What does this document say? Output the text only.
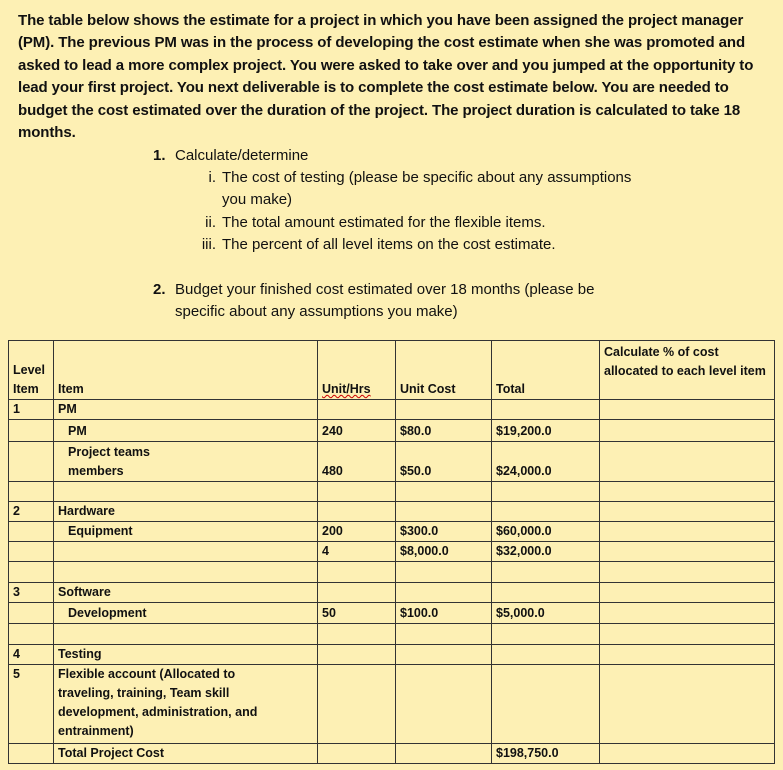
The table below shows the estimate for a project in which you have been assigned the project manager (PM). The previous PM was in the process of developing the cost estimate when she was promoted and asked to lead a more complex project. You were asked to take over and you jumped at the opportunity to lead your first project. You next deliverable is to complete the cost estimate below. You are needed to budget the cost estimated over the duration of the project. The project duration is calculated to take 18 months.
1. Calculate/determine
i. The cost of testing (please be specific about any assumptions
you make)
ii. The total amount estimated for the flexible items.
iii. The percent of all level items on the cost estimate.
2. Budget your finished cost estimated over 18 months (please be
specific about any assumptions you make)
Level Item	Item	Unit/Hrs	Unit Cost	Total	Calculate % of cost allocated to each level item
1	PM				
	PM	240	$80.0	$19,200.0	

	Project teams members	480	$50.0	$24,000.0	

2	Hardware				
	Equipment	200	$300.0	$60,000.0	
		4	$8,000.0	$32,000.0	

3	Software				
	Development	50	$100.0	$5,000.0	

4	Testing				
5	Flexible account (Allocated to traveling, training, Team skill development, administration, and entrainment)				

	Total Project Cost			$198,750.0	
